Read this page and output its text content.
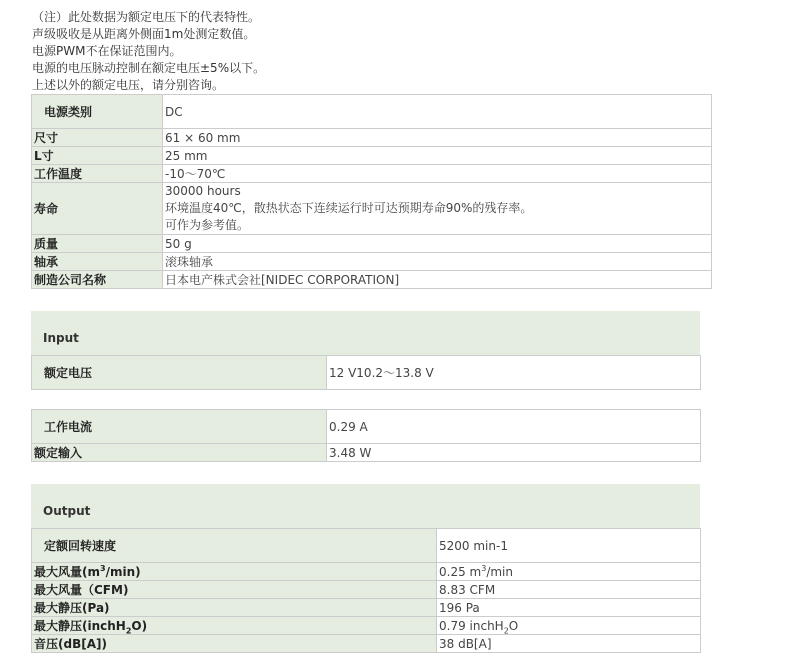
（注）此处数据为额定电压下的代表特性。
声级吸收是从距离外侧面1m处测定数值。
电源PWM不在保证范围内。
电源的电压脉动控制在额定电压±5%以下。
上述以外的额定电压，请分别咨询。
电源类别	DC
尺寸	61 × 60 mm
L寸	25 mm
工作温度	-10～70℃
寿命	30000 hours
环境温度40℃，散热状态下连续运行时可达预期寿命90%的残存率。
可作为参考值。

质量	50 g
轴承	滚珠轴承
制造公司名称	日本电产株式会社[NIDEC CORPORATION]
Input
额定电压	12 V10.2～13.8 V
工作电流	0.29 A
额定输入	3.48 W
Output
定额回转速度	5200 min-1
最大风量$(m^3/\min)$	0.25 $m^3/\min$
最大风量（CFM)	8.83 CFM
最大静压(Pa)	196 Pa
最大静压(inchH$_2$O)	0.79 inchH$_2$O
音压(dB[A])	38 dB[A]
